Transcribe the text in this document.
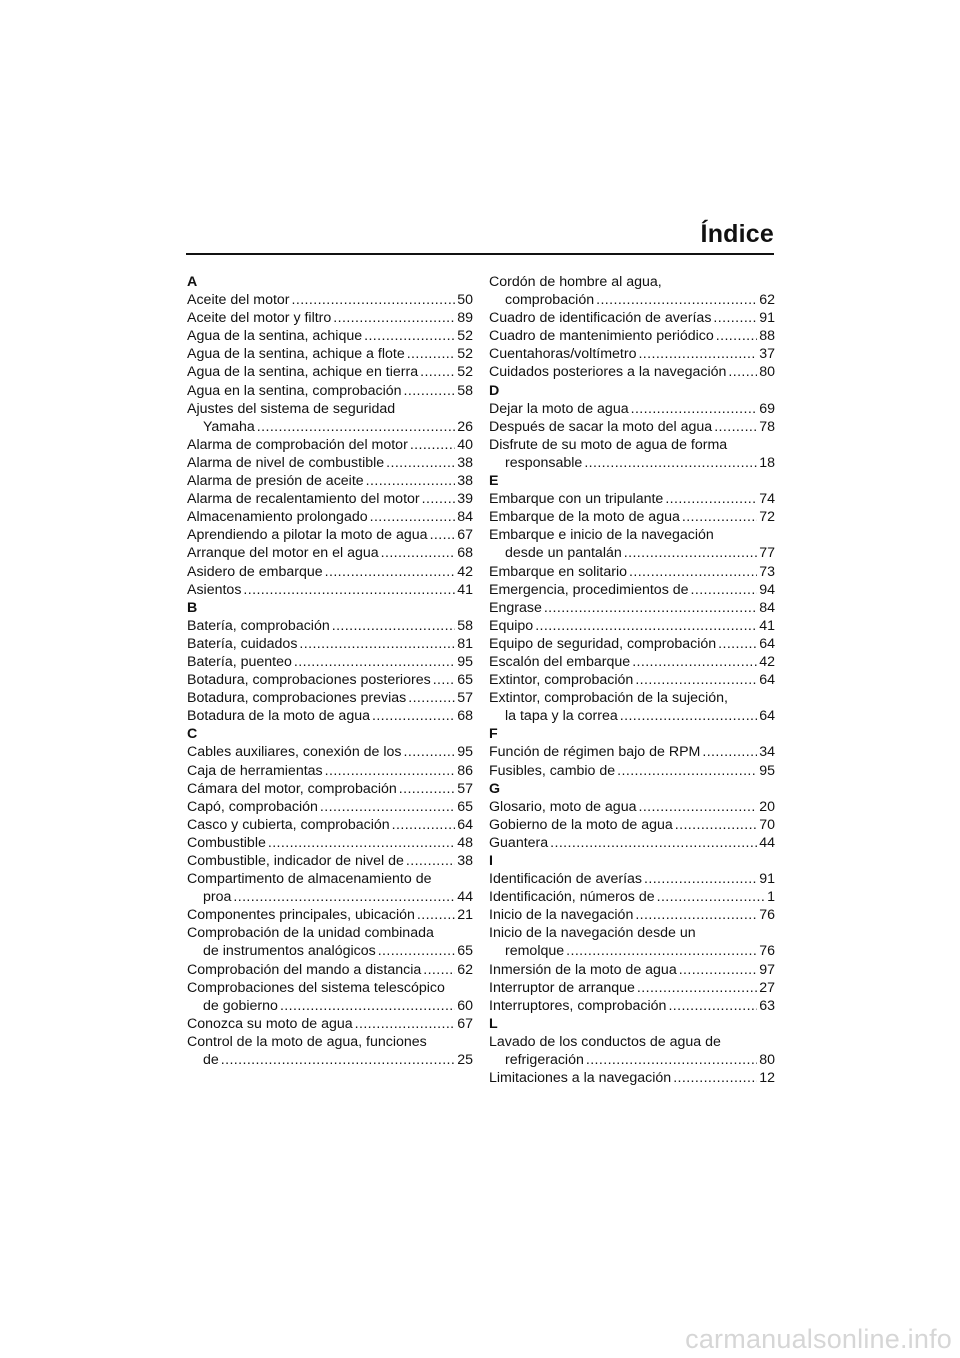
Índice
A
Aceite del motor .....	50
Aceite del motor y filtro .....	89
Agua de la sentina, achique .....	52
Agua de la sentina, achique a flote .....	52
Agua de la sentina, achique en tierra .....	52
Agua en la sentina, comprobación .....	58
Ajustes del sistema de seguridad
Yamaha .....	26
Alarma de comprobación del motor .....	40
Alarma de nivel de combustible .....	38
Alarma de presión de aceite .....	38
Alarma de recalentamiento del motor .....	39
Almacenamiento prolongado .....	84
Aprendiendo a pilotar la moto de agua ..... 67
Arranque del motor en el agua .....	68
Asidero de embarque .....	42
Asientos .....	41
B
Batería, comprobación .....	58
Batería, cuidados .....	81
Batería, puenteo .....	95
Botadura, comprobaciones posteriores ..... 65
Botadura, comprobaciones previas .....	57
Botadura de la moto de agua .....	68
C
Cables auxiliares, conexión de los .....	95
Caja de herramientas .....	86
Cámara del motor, comprobación .....	57
Capó, comprobación .....	65
Casco y cubierta, comprobación .....	64
Combustible .....	48
Combustible, indicador de nivel de .....	38
Compartimento de almacenamiento de
proa .....	44
Componentes principales, ubicación .....	21
Comprobación de la unidad combinada
de instrumentos analógicos .....	65
Comprobación del mando a distancia .....	62
Comprobaciones del sistema telescópico
de gobierno .....	60
Conozca su moto de agua .....	67
Control de la moto de agua, funciones
de .....	25
Cordón de hombre al agua,
comprobación .....	62
Cuadro de identificación de averías .....	91
Cuadro de mantenimiento periódico .....	88
Cuentahoras/voltímetro .....	37
Cuidados posteriores a la navegación ..... 80
D
Dejar la moto de agua .....	69
Después de sacar la moto del agua .....	78
Disfrute de su moto de agua de forma
responsable .....	18
E
Embarque con un tripulante .....	74
Embarque de la moto de agua .....	72
Embarque e inicio de la navegación
desde un pantalán .....	77
Embarque en solitario .....	73
Emergencia, procedimientos de .....	94
Engrase .....	84
Equipo .....	41
Equipo de seguridad, comprobación .....	64
Escalón del embarque .....	42
Extintor, comprobación .....	64
Extintor, comprobación de la sujeción,
la tapa y la correa .....	64
F
Función de régimen bajo de RPM .....	34
Fusibles, cambio de .....	95
G
Glosario, moto de agua .....	20
Gobierno de la moto de agua .....	70
Guantera .....	44
I
Identificación de averías .....	91
Identificación, números de .....	1
Inicio de la navegación .....	76
Inicio de la navegación desde un
remolque .....	76
Inmersión de la moto de agua .....	97
Interruptor de arranque .....	27
Interruptores, comprobación .....	63
L
Lavado de los conductos de agua de
refrigeración .....	80
Limitaciones a la navegación .....	12
carmanualsonline.info
